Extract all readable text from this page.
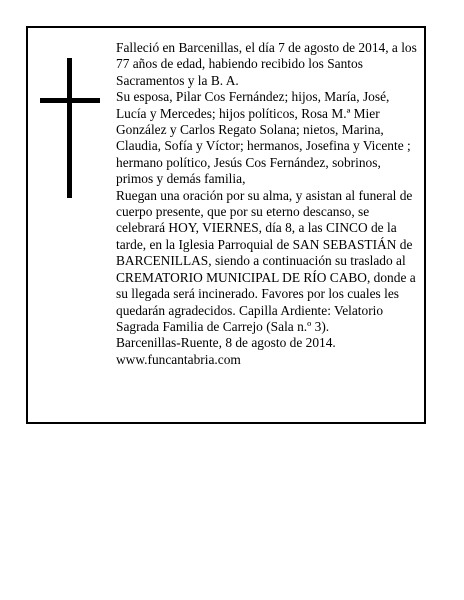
Falleció en Barcenillas, el día 7 de agosto de 2014, a los 77 años de edad, habiendo recibido los Santos Sacramentos y la B. A.

Su esposa, Pilar Cos Fernández; hijos, María, José, Lucía y Mercedes; hijos políticos, Rosa M.ª Mier González y Carlos Regato Solana; nietos, Marina, Claudia, Sofía y Víctor; hermanos, Josefina y Vicente ; hermano político, Jesús Cos Fernández, sobrinos, primos y demás familia,

Ruegan una oración por su alma, y asistan al funeral de cuerpo presente, que por su eterno descanso, se celebrará HOY, VIERNES, día 8, a las CINCO de la tarde, en la Iglesia Parroquial de SAN SEBASTIÁN de BARCENILLAS, siendo a continuación su traslado al CREMATORIO MUNICIPAL DE RÍO CABO, donde a su llegada será incinerado. Favores por los cuales les quedarán agradecidos. Capilla Ardiente: Velatorio Sagrada Familia de Carrejo (Sala n.º 3).

Barcenillas-Ruente, 8 de agosto de 2014.

www.funcantabria.com
